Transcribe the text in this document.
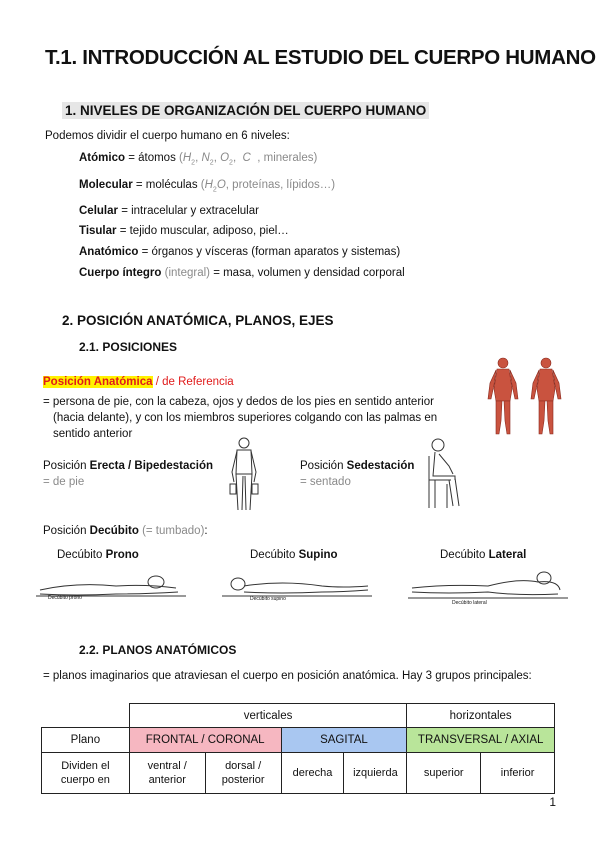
T.1. INTRODUCCIÓN AL ESTUDIO DEL CUERPO HUMANO
1. NIVELES DE ORGANIZACIÓN DEL CUERPO HUMANO
Podemos dividir el cuerpo humano en 6 niveles:
Atómico = átomos ($H_2$, $N_2$, $O_2$,  C  , minerales)
Molecular = moléculas ($H_2O$, proteínas, lípidos…)
Celular = intracelular y extracelular
Tisular = tejido muscular, adiposo, piel…
Anatómico = órganos y vísceras (forman aparatos y sistemas)
Cuerpo íntegro (integral) = masa, volumen y densidad corporal
2. POSICIÓN ANATÓMICA, PLANOS, EJES
2.1. POSICIONES
Posición Anatómica / de Referencia
= persona de pie, con la cabeza, ojos y dedos de los pies en sentido anterior
(hacia delante), y con los miembros superiores colgando con las palmas en
sentido anterior
Posición Erecta / Bipedestación
= de pie
Posición Sedestación
= sentado
Posición Decúbito (= tumbado):
Decúbito Prono	Decúbito Supino	Decúbito Lateral
Decúbito prono	Decúbito supino
Decúbito lateral
2.2. PLANOS ANATÓMICOS
= planos imaginarios que atraviesan el cuerpo en posición anatómica. Hay 3 grupos principales:
	verticales				horizontales	
Plano	FRONTAL / CORONAL		SAGITAL		TRANSVERSAL / AXIAL	
Dividen el cuerpo en	ventral / anterior	dorsal / posterior	derecha	izquierda	superior	inferior
1
